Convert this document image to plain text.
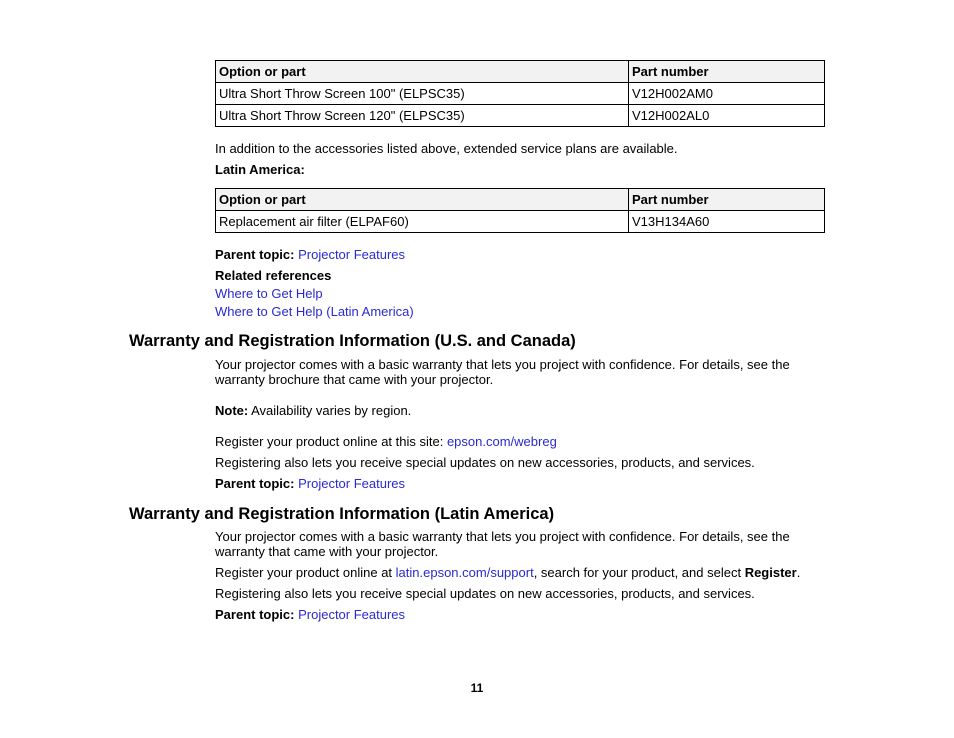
Option or part	Part number
Ultra Short Throw Screen 100" (ELPSC35)	V12H002AM0
Ultra Short Throw Screen 120" (ELPSC35)	V12H002AL0
In addition to the accessories listed above, extended service plans are available.
Latin America:
Option or part	Part number
Replacement air filter (ELPAF60)	V13H134A60
Parent topic: Projector Features
Related references
Where to Get Help
Where to Get Help (Latin America)
Warranty and Registration Information (U.S. and Canada)
Your projector comes with a basic warranty that lets you project with confidence. For details, see the
warranty brochure that came with your projector.
Note: Availability varies by region.
Register your product online at this site: epson.com/webreg
Registering also lets you receive special updates on new accessories, products, and services.
Parent topic: Projector Features
Warranty and Registration Information (Latin America)
Your projector comes with a basic warranty that lets you project with confidence. For details, see the
warranty that came with your projector.
Register your product online at latin.epson.com/support, search for your product, and select Register.
Registering also lets you receive special updates on new accessories, products, and services.
Parent topic: Projector Features
11
